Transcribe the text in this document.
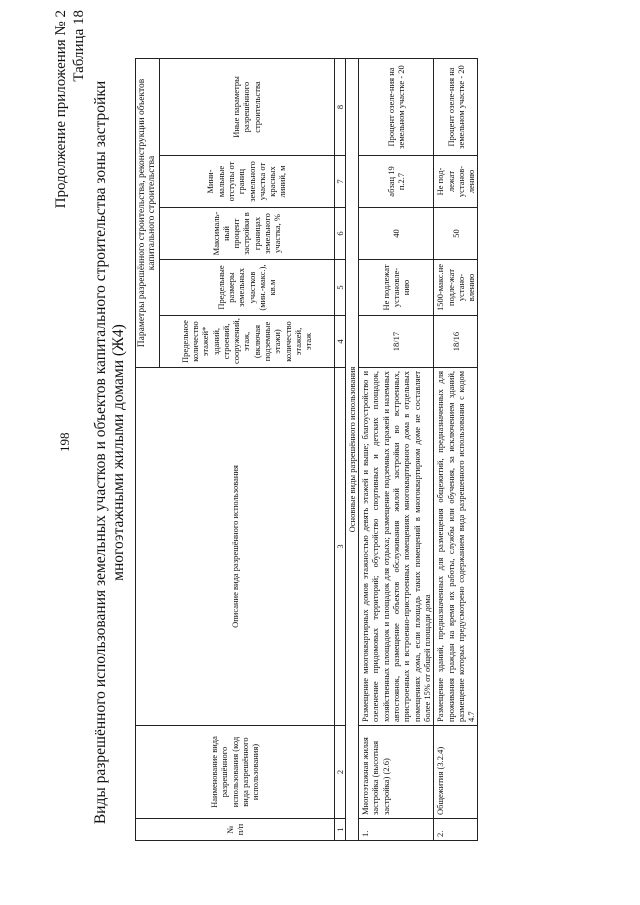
198
Продолжение приложения № 2 Таблица 18
Виды разрешённого использования земельных участков и объектов капитального строительства зоны застройки многоэтажными жилыми домами (Ж4)
№ п/п	Наименование вида разрешённого использования (код вида разрешённого использования)	Описание вида разрешённого использования	Параметры разрешённого строительства, реконструкции объектов капитального строительства				
			Предельное количество этажей* зданий, строений, сооружений, этаж, (включая подземные этажи) количество этажей, этаж	Предельные размеры земельных участков (мин.-макс.), кв.м	Максималь-ный процент застройки в границах земельного участка, %	Мини-мальные отступы от границ земельного участка от красных линий, м	Иные параметры разрешённого строительства
1	2	3	4	5	6	7	8
Основные виды разрешённого использования							
1.	Многоэтажная жилая застройка (высотная застройка) (2.6)	Размещение многоквартирных домов этажностью девять этажей и выше; благоустройство и озеленение придомовых территорий; обустройство спортивных и детских площадок, хозяйственных площадок и площадок для отдыха; размещение подземных гаражей и наземных автостоянок, размещение объектов обслуживания жилой застройки во встроенных, пристроенных и встроенно-пристроенных помещениях многоквартирного дома в отдельных помещениях дома, если площадь таких помещений в многоквартирном доме не составляет более 15% от общей площади дома	18/17	Не подлежат установле-нию	40	абзац 19 п.2.7	Процент озеле-ния на земельном участке - 20
2.	Общежития (3.2.4)	Размещение зданий, предназначенных для размещения общежитий, предназначенных для проживания граждан на время их работы, службы или обучения, за исключением зданий, размещение которых предусмотрено содержанием вида разрешенного использования с кодом 4.7	18/16	1500-макс.не подле-жат устано-влению	50	Не под-лежат установ-лению	Процент озеле-ния на земельном участке - 20
